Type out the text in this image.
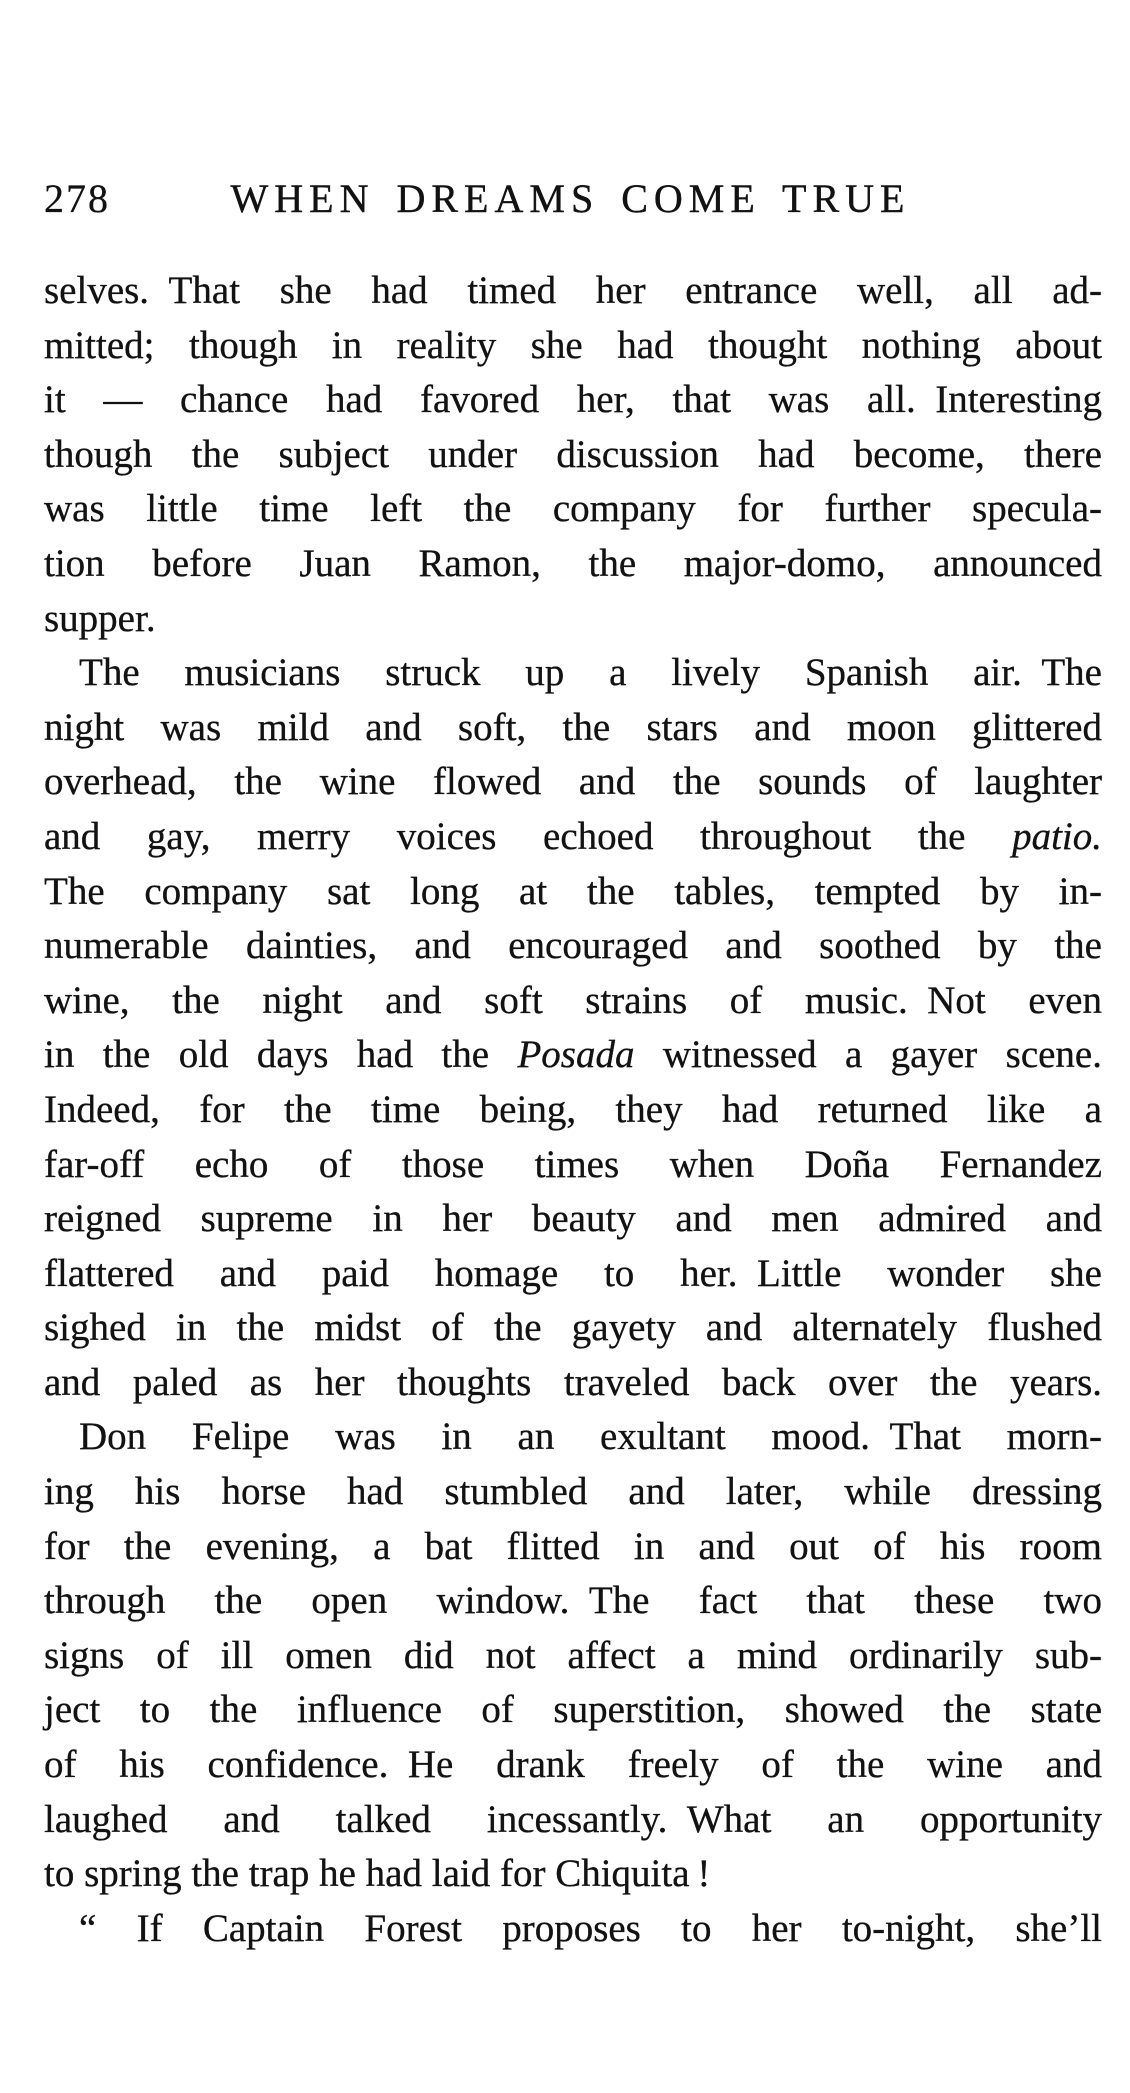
278	WHEN DREAMS COME TRUE
selves. That she had timed her entrance well, all ad-
mitted; though in reality she had thought nothing about
it — chance had favored her, that was all. Interesting
though the subject under discussion had become, there
was little time left the company for further specula-
tion before Juan Ramon, the major-domo, announced
supper.
The musicians struck up a lively Spanish air. The
night was mild and soft, the stars and moon glittered
overhead, the wine flowed and the sounds of laughter
and gay, merry voices echoed throughout the patio.
The company sat long at the tables, tempted by in-
numerable dainties, and encouraged and soothed by the
wine, the night and soft strains of music. Not even
in the old days had the Posada witnessed a gayer scene.
Indeed, for the time being, they had returned like a
far-off echo of those times when Doña Fernandez
reigned supreme in her beauty and men admired and
flattered and paid homage to her. Little wonder she
sighed in the midst of the gayety and alternately flushed
and paled as her thoughts traveled back over the years.
Don Felipe was in an exultant mood. That morn-
ing his horse had stumbled and later, while dressing
for the evening, a bat flitted in and out of his room
through the open window. The fact that these two
signs of ill omen did not affect a mind ordinarily sub-
ject to the influence of superstition, showed the state
of his confidence. He drank freely of the wine and
laughed and talked incessantly. What an opportunity
to spring the trap he had laid for Chiquita !
“ If Captain Forest proposes to her to-night, she’ll
